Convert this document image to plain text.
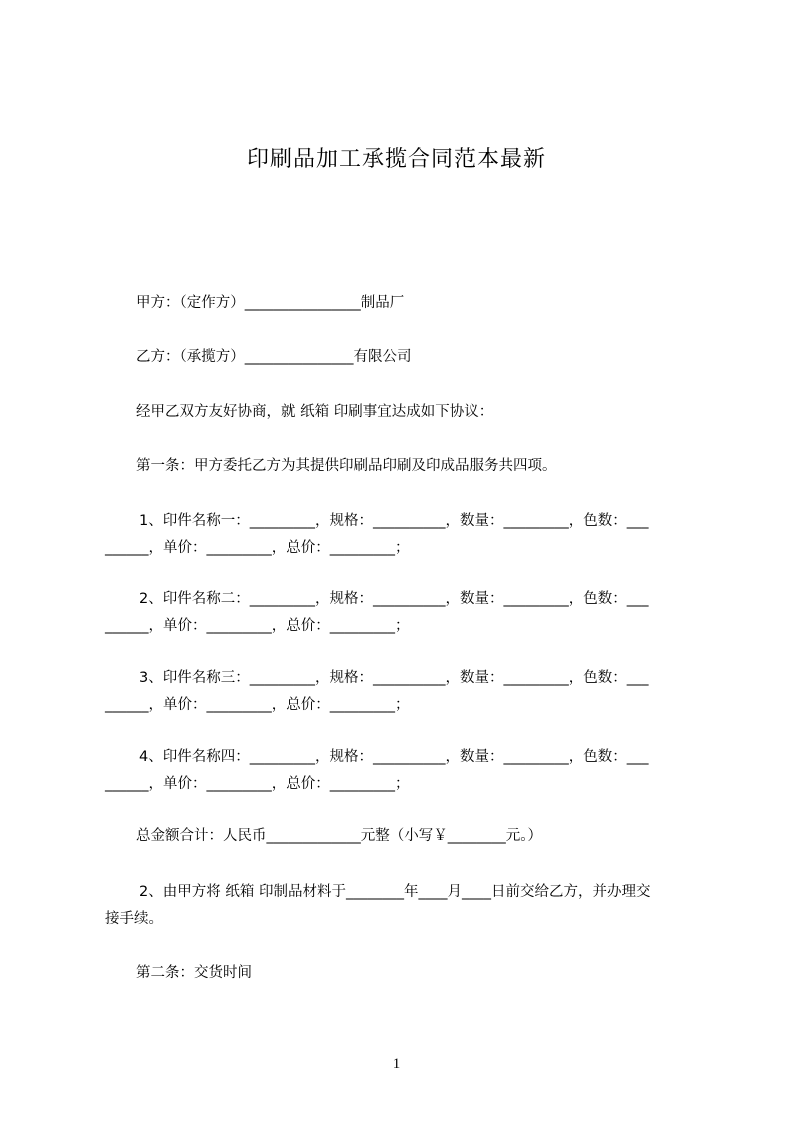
印刷品加工承揽合同范本最新
甲方：（定作方）________________制品厂
乙方：（承揽方）_______________有限公司
经甲乙双方友好协商，就 纸箱 印刷事宜达成如下协议：
第一条：甲方委托乙方为其提供印刷品印刷及印成品服务共四项。
1、印件名称一：_________，规格：__________，数量：_________，色数：___
______，单价：_________，总价：_________；
2、印件名称二：_________，规格：__________，数量：_________，色数：___
______，单价：_________，总价：_________；
3、印件名称三：_________，规格：__________，数量：_________，色数：___
______，单价：_________，总价：_________；
4、印件名称四：_________，规格：__________，数量：_________，色数：___
______，单价：_________，总价：_________；
总金额合计：人民币_____________元整（小写￥________元。）
2、由甲方将 纸箱 印制品材料于________年____月____日前交给乙方，并办理交
接手续。
第二条：交货时间
1
